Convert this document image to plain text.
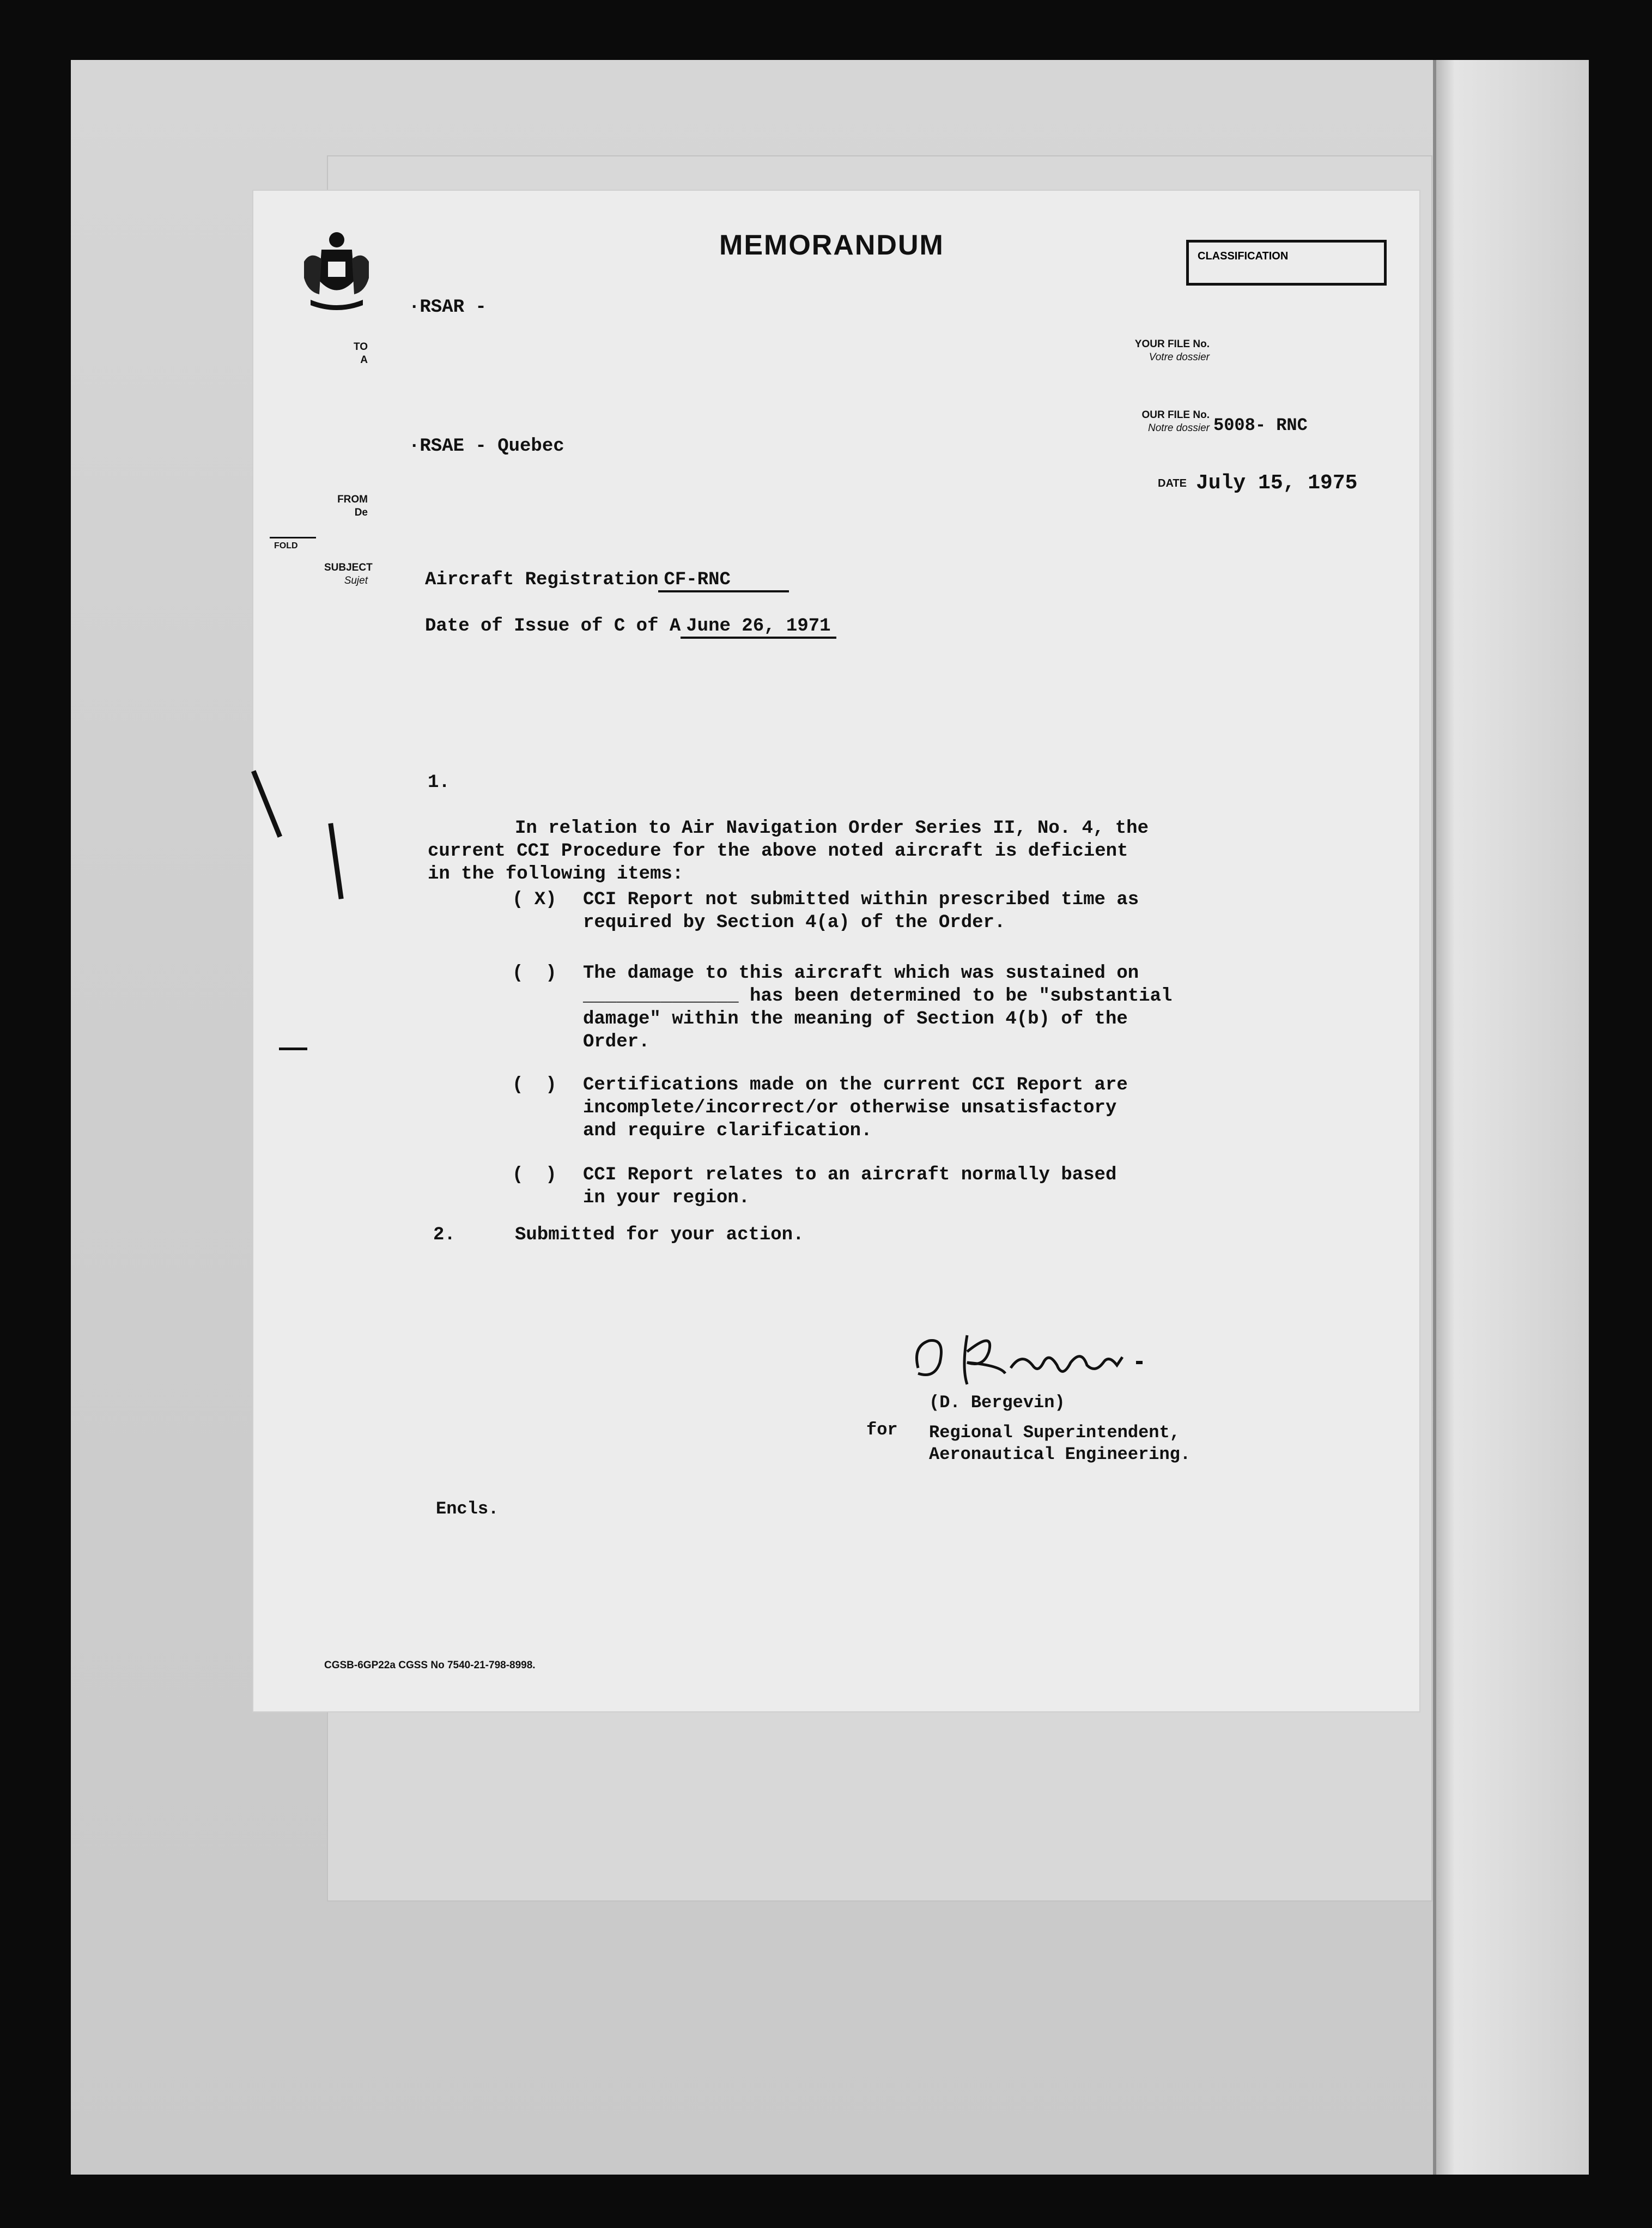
MEMORANDUM	CLASSIFICATION
TO
A
·RSAR -
·RSAE - Quebec
FROM
De
FOLD
YOUR FILE No.
Votre dossier
OUR FILE No.
Notre dossier 5008- RNC
DATE July 15, 1975
SUBJECT
Sujet	Aircraft Registration CF-RNC
Date of Issue of C of A June 26, 1971
1.

In relation to Air Navigation Order Series II, No. 4, the
current CCI Procedure for the above noted aircraft is deficient
in the following items:

( X) CCI Report not submitted within prescribed time as
required by Section 4(a) of the Order.
(  ) The damage to this aircraft which was sustained on
______________ has been determined to be "substantial
damage" within the meaning of Section 4(b) of the
Order.
(  ) Certifications made on the current CCI Report are
incomplete/incorrect/or otherwise unsatisfactory
and require clarification.
(  ) CCI Report relates to an aircraft normally based
in your region.
2.	Submitted for your action.
(D. Bergevin)
for Regional Superintendent,
Aeronautical Engineering.
Encls.
CGSB-6GP22a CGSS No 7540-21-798-8998.
